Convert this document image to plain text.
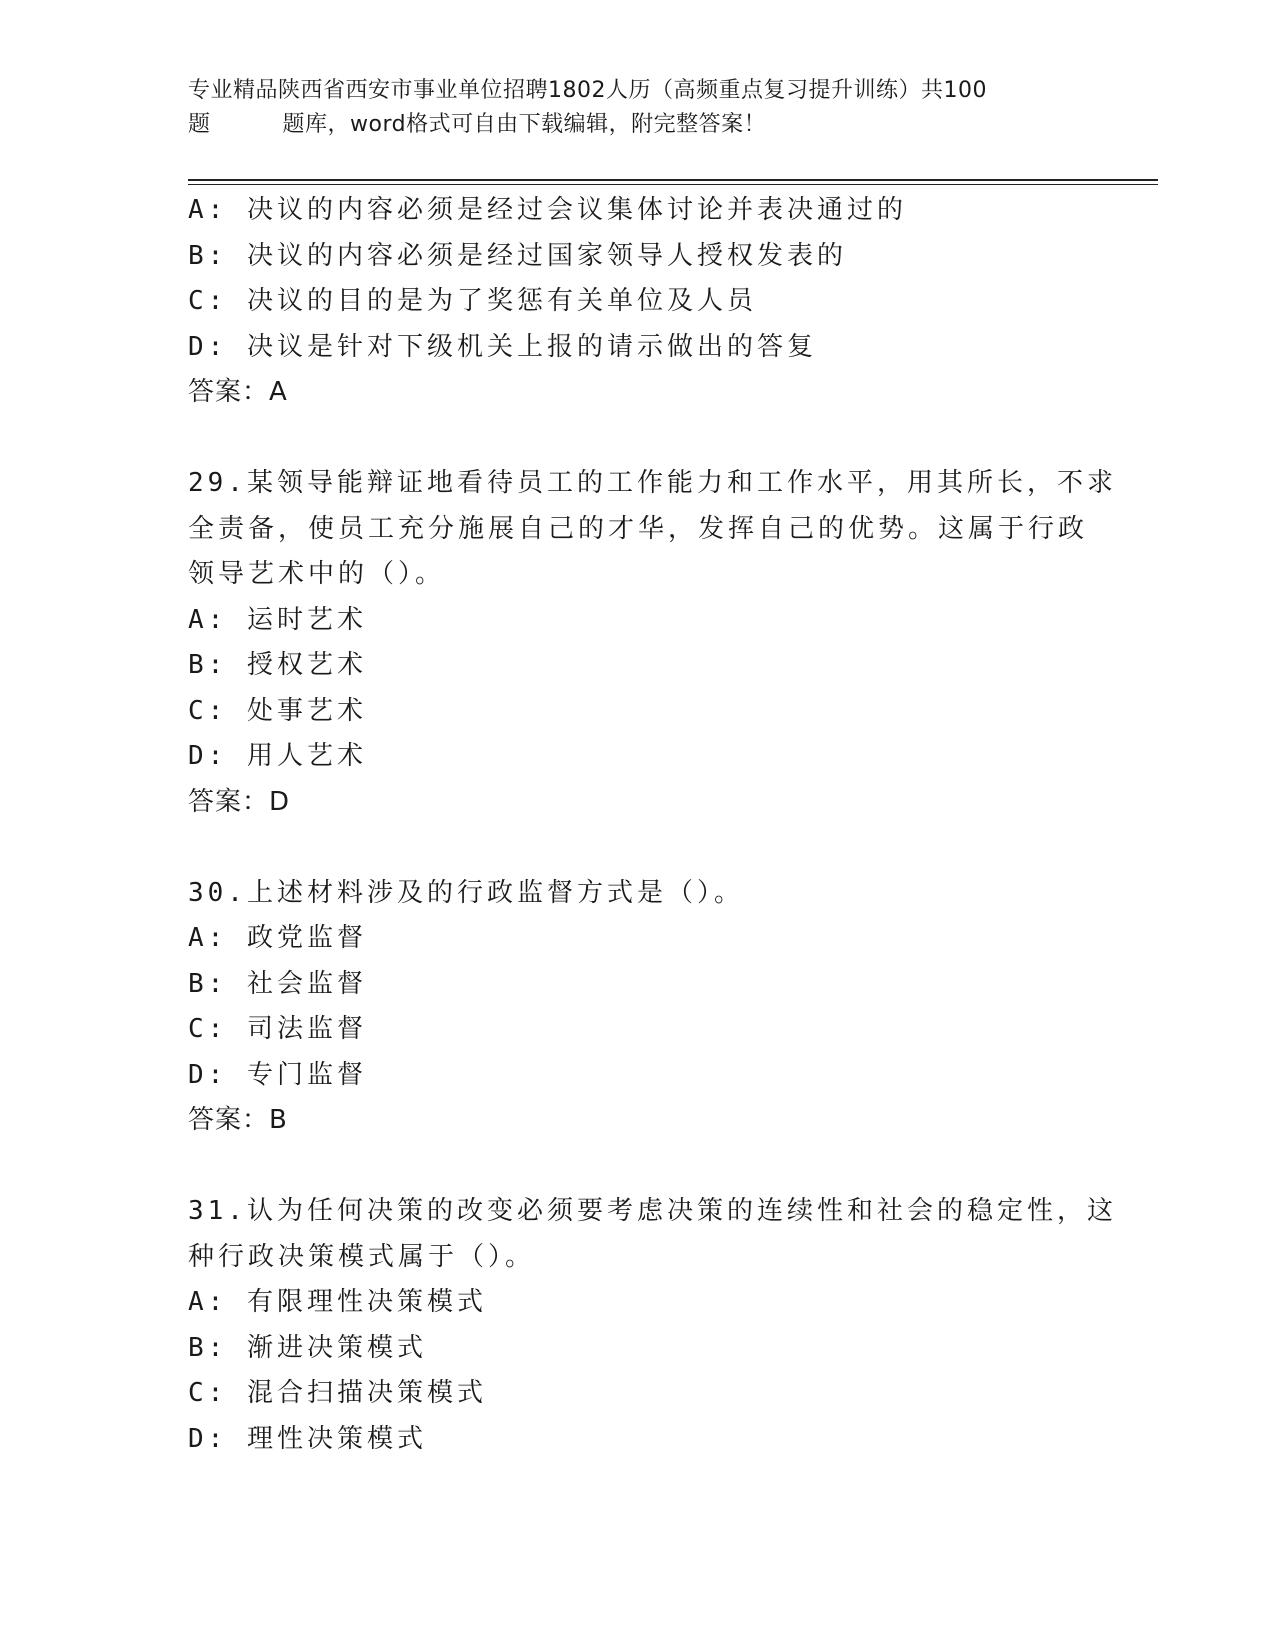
专业精品陕西省西安市事业单位招聘1802人历（高频重点复习提升训练）共100
题	题库，word格式可自由下载编辑，附完整答案！
A: 决议的内容必须是经过会议集体讨论并表决通过的
B: 决议的内容必须是经过国家领导人授权发表的
C: 决议的目的是为了奖惩有关单位及人员
D: 决议是针对下级机关上报的请示做出的答复
答案：A
29.某领导能辩证地看待员工的工作能力和工作水平，用其所长，不求
全责备，使员工充分施展自己的才华，发挥自己的优势。这属于行政
领导艺术中的（）。
A: 运时艺术
B: 授权艺术
C: 处事艺术
D: 用人艺术
答案：D
30.上述材料涉及的行政监督方式是（）。
A: 政党监督
B: 社会监督
C: 司法监督
D: 专门监督
答案：B
31.认为任何决策的改变必须要考虑决策的连续性和社会的稳定性，这
种行政决策模式属于（）。
A: 有限理性决策模式
B: 渐进决策模式
C: 混合扫描决策模式
D: 理性决策模式
